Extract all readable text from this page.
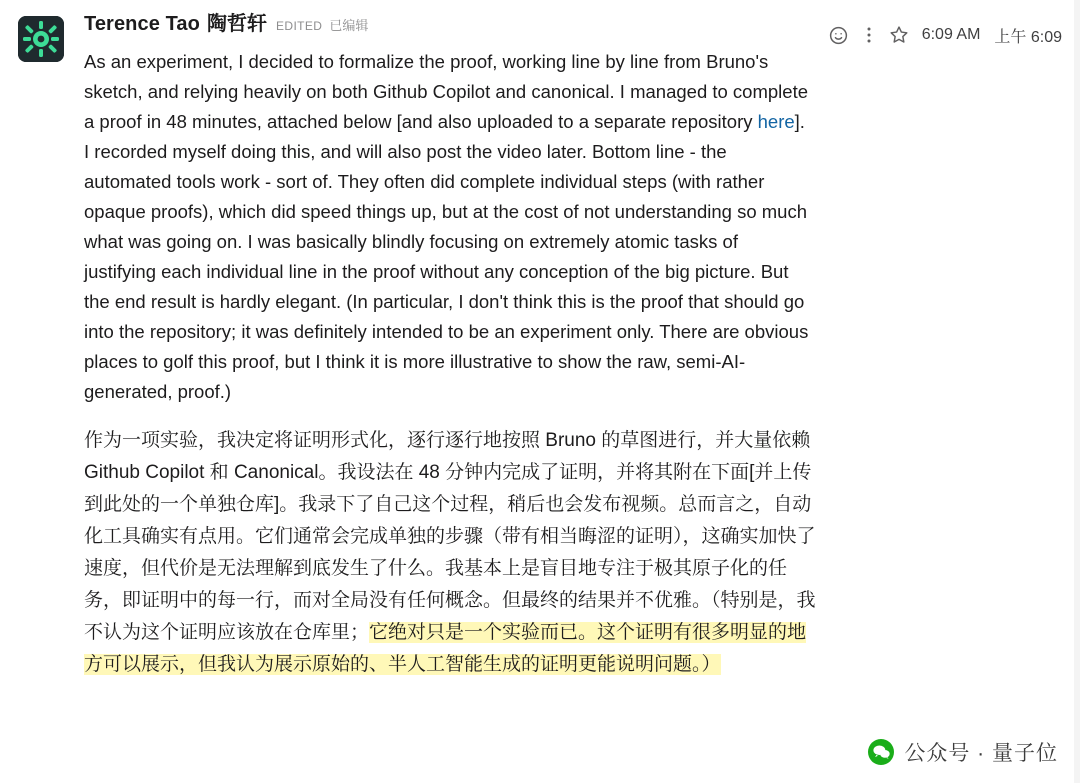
6:09 AM 上午 6:09
Terence Tao 陶哲轩 EDITED 已编辑
As an experiment, I decided to formalize the proof, working line by line from Bruno's sketch, and relying heavily on both Github Copilot and canonical. I managed to complete a proof in 48 minutes, attached below [and also uploaded to a separate repository here]. I recorded myself doing this, and will also post the video later. Bottom line - the automated tools work - sort of. They often did complete individual steps (with rather opaque proofs), which did speed things up, but at the cost of not understanding so much what was going on. I was basically blindly focusing on extremely atomic tasks of justifying each individual line in the proof without any conception of the big picture. But the end result is hardly elegant. (In particular, I don't think this is the proof that should go into the repository; it was definitely intended to be an experiment only. There are obvious places to golf this proof, but I think it is more illustrative to show the raw, semi-AI-generated, proof.)
作为一项实验，我决定将证明形式化，逐行逐行地按照 Bruno 的草图进行，并大量依赖 Github Copilot 和 Canonical。我设法在 48 分钟内完成了证明，并将其附在下面[并上传到此处的一个单独仓库]。我录下了自己这个过程，稍后也会发布视频。总而言之，自动化工具确实有点用。它们通常会完成单独的步骤（带有相当晦涩的证明），这确实加快了速度，但代价是无法理解到底发生了什么。我基本上是盲目地专注于极其原子化的任务，即证明中的每一行，而对全局没有任何概念。但最终的结果并不优雅。（特别是，我不认为这个证明应该放在仓库里；它绝对只是一个实验而已。这个证明有很多明显的地方可以展示，但我认为展示原始的、半人工智能生成的证明更能说明问题。）
公众号 · 量子位
